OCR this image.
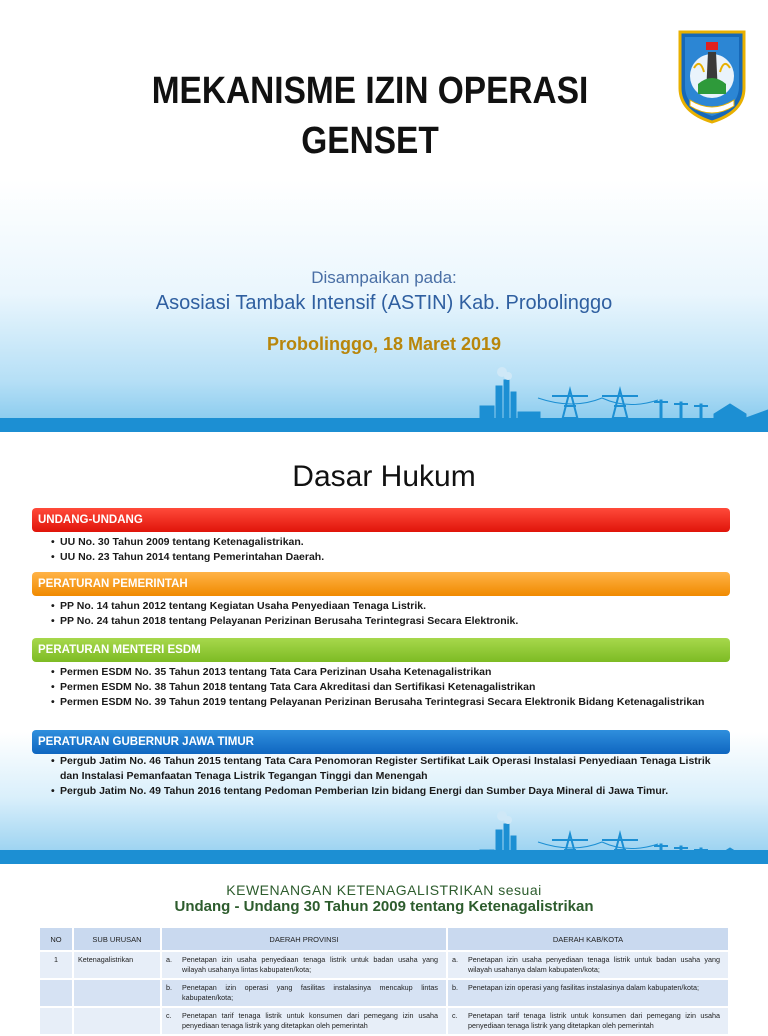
MEKANISME IZIN OPERASI
GENSET
Disampaikan pada:
Asosiasi Tambak Intensif (ASTIN) Kab. Probolinggo
Probolinggo, 18 Maret 2019
Dasar Hukum
UNDANG-UNDANG
• UU No. 30 Tahun 2009 tentang Ketenagalistrikan.
• UU No. 23 Tahun 2014 tentang Pemerintahan Daerah.
PERATURAN PEMERINTAH
• PP No. 14 tahun 2012 tentang Kegiatan Usaha Penyediaan Tenaga Listrik.
• PP No. 24 tahun 2018 tentang Pelayanan Perizinan Berusaha Terintegrasi Secara Elektronik.
PERATURAN MENTERI ESDM
• Permen ESDM No. 35 Tahun 2013 tentang Tata Cara Perizinan Usaha Ketenagalistrikan
• Permen ESDM No. 38 Tahun 2018 tentang Tata Cara Akreditasi dan Sertifikasi Ketenagalistrikan
• Permen ESDM No. 39 Tahun 2019 tentang Pelayanan Perizinan Berusaha Terintegrasi Secara Elektronik Bidang Ketenagalistrikan
PERATURAN GUBERNUR JAWA TIMUR
• Pergub Jatim No. 46 Tahun 2015 tentang Tata Cara Penomoran Register Sertifikat Laik Operasi Instalasi Penyediaan Tenaga Listrik dan Instalasi Pemanfaatan Tenaga Listrik Tegangan Tinggi dan Menengah
• Pergub Jatim No. 49 Tahun 2016 tentang Pedoman Pemberian Izin bidang Energi dan Sumber Daya Mineral di Jawa Timur.
KEWENANGAN KETENAGALISTRIKAN sesuai
Undang - Undang 30 Tahun 2009 tentang Ketenagalistrikan
NO	SUB URUSAN	DAERAH PROVINSI	DAERAH KAB/KOTA
1	Ketenagalistrikan	a. Penetapan izin usaha penyediaan tenaga listrik untuk badan usaha yang wilayah usahanya lintas kabupaten/kota;	a. Penetapan izin usaha penyediaan tenaga listrik untuk badan usaha yang wilayah usahanya dalam kabupaten/kota;
		b. Penetapan izin operasi yang fasilitas instalasinya mencakup lintas kabupaten/kota;	b. Penetapan izin operasi yang fasilitas instalasinya dalam kabupaten/kota;
		c. Penetapan tarif tenaga listrik untuk konsumen dari pemegang izin usaha penyediaan tenaga listrik yang ditetapkan oleh pemerintah	c. Penetapan tarif tenaga listrik untuk konsumen dari pemegang izin usaha penyediaan tenaga listrik yang ditetapkan oleh pemerintah
